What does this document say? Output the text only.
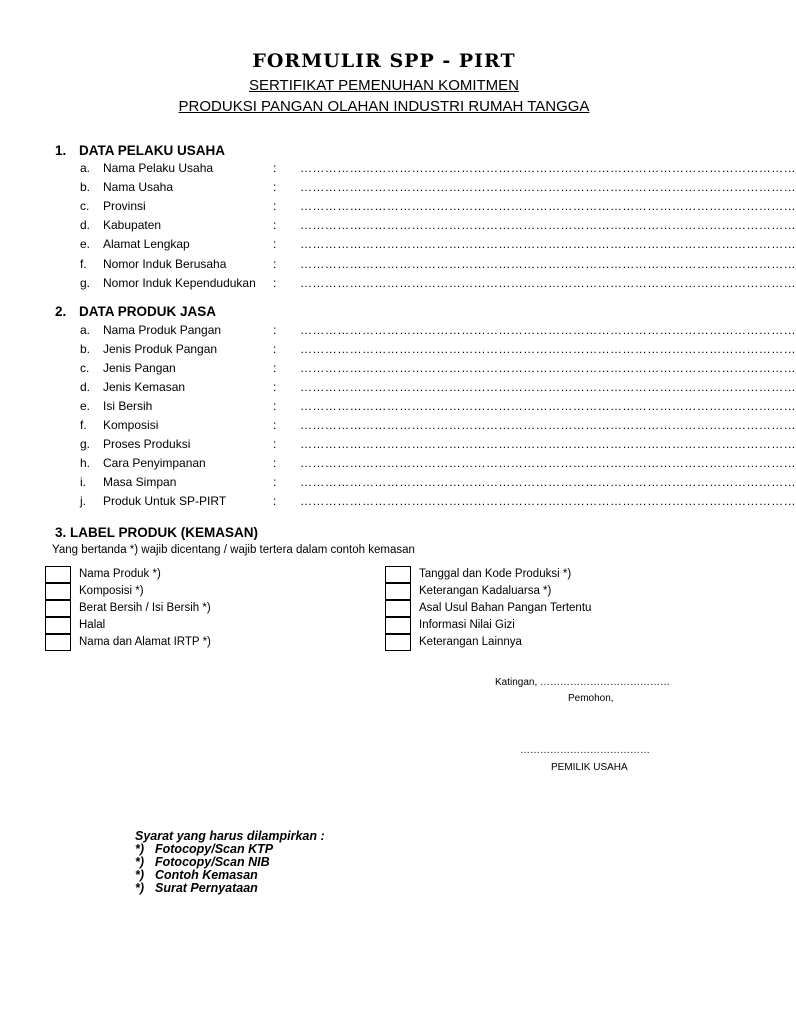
FORMULIR SPP - PIRT
SERTIFIKAT PEMENUHAN KOMITMEN
PRODUKSI PANGAN OLAHAN INDUSTRI RUMAH TANGGA
1. DATA PELAKU USAHA
a. Nama Pelaku Usaha	: …………………………………………………………………………………………………………
b. Nama Usaha	: …………………………………………………………………………………………………………
c. Provinsi	: …………………………………………………………………………………………………………
d. Kabupaten	: …………………………………………………………………………………………………………
e. Alamat Lengkap	: …………………………………………………………………………………………………………
f. Nomor Induk Berusaha	: …………………………………………………………………………………………………………
g. Nomor Induk Kependudukan : …………………………………………………………………………………………………………
2. DATA PRODUK JASA
a. Nama Produk Pangan	: …………………………………………………………………………………………………………
b. Jenis Produk Pangan	: …………………………………………………………………………………………………………
c. Jenis Pangan	: …………………………………………………………………………………………………………
d. Jenis Kemasan	: …………………………………………………………………………………………………………
e. Isi Bersih	: …………………………………………………………………………………………………………
f. Komposisi	: …………………………………………………………………………………………………………
g. Proses Produksi	: …………………………………………………………………………………………………………
h. Cara Penyimpanan	: …………………………………………………………………………………………………………
i. Masa Simpan	: …………………………………………………………………………………………………………
j. Produk Untuk SP-PIRT	: …………………………………………………………………………………………………………
3. LABEL PRODUK (KEMASAN)
Yang bertanda *) wajib dicentang / wajib tertera dalam contoh kemasan
Nama Produk *)
Komposisi *)
Berat Bersih / Isi Bersih *)
Halal
Nama dan Alamat IRTP *)
Tanggal dan Kode Produksi *)
Keterangan Kadaluarsa *)
Asal Usul Bahan Pangan Tertentu
Informasi Nilai Gizi
Keterangan Lainnya
Katingan, …………………………………
Pemohon,
…………………………………
PEMILIK USAHA
Syarat yang harus dilampirkan :
*) Fotocopy/Scan KTP
*) Fotocopy/Scan NIB
*) Contoh Kemasan
*) Surat Pernyataan
